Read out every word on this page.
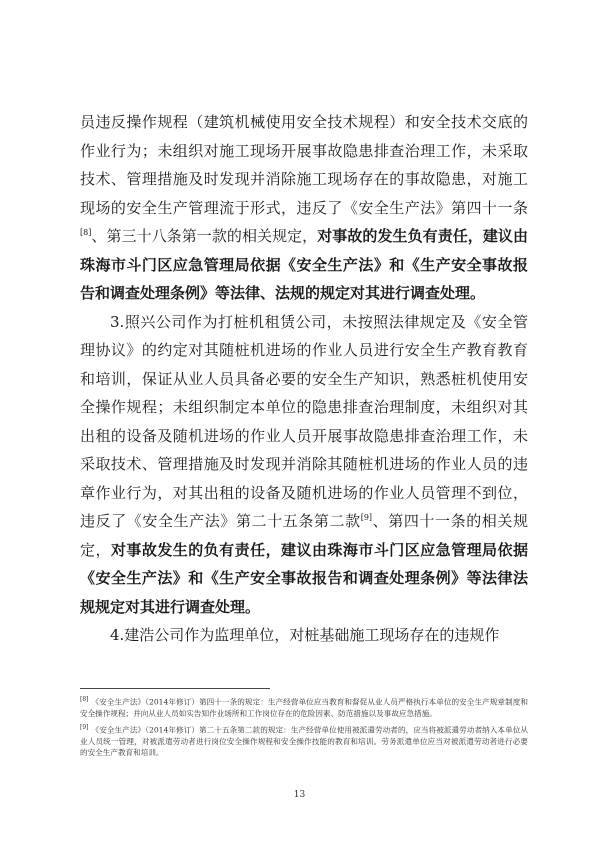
员违反操作规程（建筑机械使用安全技术规程）和安全技术交底的作业行为；未组织对施工现场开展事故隐患排查治理工作，未采取技术、管理措施及时发现并消除施工现场存在的事故隐患，对施工现场的安全生产管理流于形式，违反了《安全生产法》第四十一条[8]、第三十八条第一款的相关规定，对事故的发生负有责任，建议由珠海市斗门区应急管理局依据《安全生产法》和《生产安全事故报告和调查处理条例》等法律、法规的规定对其进行调查处理。

3.照兴公司作为打桩机租赁公司，未按照法律规定及《安全管理协议》的约定对其随桩机进场的作业人员进行安全生产教育教育和培训，保证从业人员具备必要的安全生产知识，熟悉桩机使用安全操作规程；未组织制定本单位的隐患排查治理制度，未组织对其出租的设备及随机进场的作业人员开展事故隐患排查治理工作，未采取技术、管理措施及时发现并消除其随桩机进场的作业人员的违章作业行为，对其出租的设备及随机进场的作业人员管理不到位，违反了《安全生产法》第二十五条第二款[9]、第四十一条的相关规定，对事故发生的负有责任，建议由珠海市斗门区应急管理局依据《安全生产法》和《生产安全事故报告和调查处理条例》等法律法规规定对其进行调查处理。

4.建浩公司作为监理单位，对桩基础施工现场存在的违规作

[8] 《安全生产法》（2014年修订）第四十一条的规定：生产经营单位应当教育和督促从业人员严格执行本单位的安全生产规章制度和安全操作规程；并向从业人员如实告知作业场所和工作岗位存在的危险因素、防范措施以及事故应急措施。

[9] 《安全生产法》（2014年修订）第二十五条第二款的规定：生产经营单位使用被派遣劳动者的，应当将被派遣劳动者纳入本单位从业人员统一管理，对被派遣劳动者进行岗位安全操作规程和安全操作技能的教育和培训。劳务派遣单位应当对被派遣劳动者进行必要的安全生产教育和培训。

13
